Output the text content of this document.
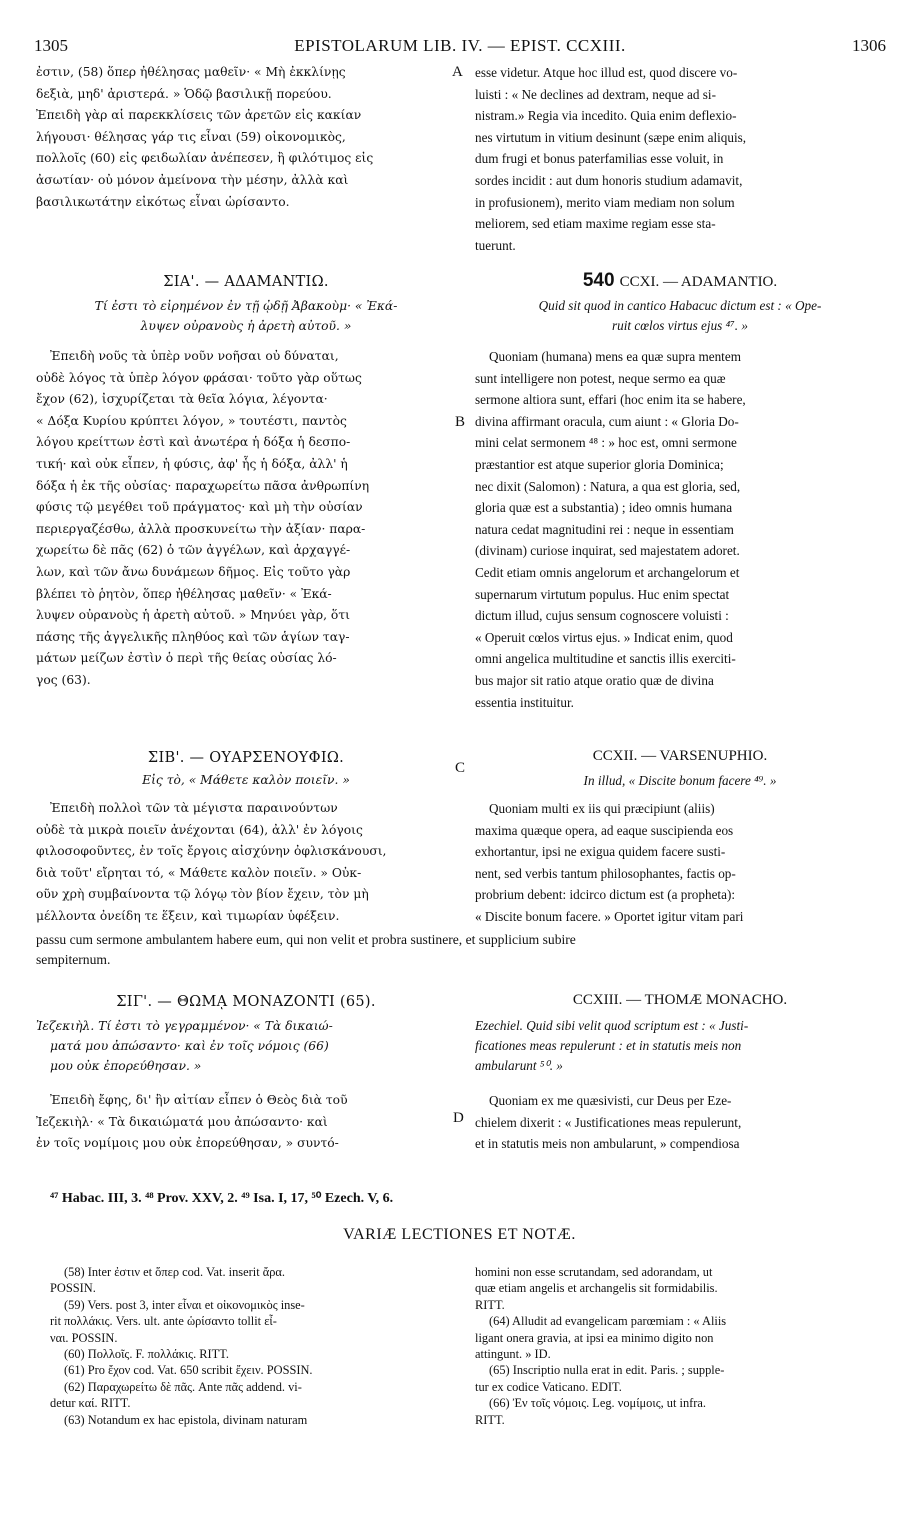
1305	EPISTOLARUM LIB. IV. — EPIST. CCXIII.	1306
A
B
C
D
ἐστιν, (58) ὅπερ ἠθέλησας μαθεῖν· « Μὴ ἐκκλίνῃς
δεξιὰ, μηδ' ἀριστερά. » Ὁδῷ βασιλικῇ πορεύου.
Ἐπειδὴ γὰρ αἱ παρεκκλίσεις τῶν ἀρετῶν εἰς κακίαν
λήγουσι· θέλησας γάρ τις εἶναι (59) οἰκονομικὸς,
πολλοῖς (60) εἰς φειδωλίαν ἀνέπεσεν, ἢ φιλότιμος εἰς
ἀσωτίαν· οὐ μόνον ἀμείνονα τὴν μέσην, ἀλλὰ καὶ
βασιλικωτάτην εἰκότως εἶναι ὡρίσαντο.
ΣΙΑ'. — ΑΔΑΜΑΝΤΙΩ.
Τί ἐστι τὸ εἰρημένον ἐν τῇ ᾠδῇ Ἀβακοὺμ· « Ἐκά-
λυψεν οὐρανοὺς ἡ ἀρετὴ αὐτοῦ. »
Ἐπειδὴ νοῦς τὰ ὑπὲρ νοῦν νοῆσαι οὐ δύναται,
οὐδὲ λόγος τὰ ὑπὲρ λόγον φράσαι· τοῦτο γὰρ οὕτως
ἔχον (62), ἰσχυρίζεται τὰ θεῖα λόγια, λέγοντα·
« Δόξα Κυρίου κρύπτει λόγον, » τουτέστι, παντὸς
λόγου κρείττων ἐστὶ καὶ ἀνωτέρα ἡ δόξα ἡ δεσπο-
τική· καὶ οὐκ εἶπεν, ἡ φύσις, ἀφ' ἧς ἡ δόξα, ἀλλ' ἡ
δόξα ἡ ἐκ τῆς οὐσίας· παραχωρείτω πᾶσα ἀνθρωπίνη
φύσις τῷ μεγέθει τοῦ πράγματος· καὶ μὴ τὴν οὐσίαν
περιεργαζέσθω, ἀλλὰ προσκυνείτω τὴν ἀξίαν· παρα-
χωρείτω δὲ πᾶς (62) ὁ τῶν ἀγγέλων, καὶ ἀρχαγγέ-
λων, καὶ τῶν ἄνω δυνάμεων δῆμος. Εἰς τοῦτο γὰρ
βλέπει τὸ ῥητὸν, ὅπερ ἠθέλησας μαθεῖν· « Ἐκά-
λυψεν οὐρανοὺς ἡ ἀρετὴ αὐτοῦ. » Μηνύει γὰρ, ὅτι
πάσης τῆς ἀγγελικῆς πληθύος καὶ τῶν ἁγίων ταγ-
μάτων μείζων ἐστὶν ὁ περὶ τῆς θείας οὐσίας λό-
γος (63).
ΣΙΒ'. — ΟΥΑΡΣΕΝΟΥΦΙΩ.
Εἰς τὸ, « Μάθετε καλὸν ποιεῖν. »
Ἐπειδὴ πολλοὶ τῶν τὰ μέγιστα παραινούντων
οὐδὲ τὰ μικρὰ ποιεῖν ἀνέχονται (64), ἀλλ' ἐν λόγοις
φιλοσοφοῦντες, ἐν τοῖς ἔργοις αἰσχύνην ὀφλισκάνουσι,
διὰ τοῦτ' εἴρηται τό, « Μάθετε καλὸν ποιεῖν. » Οὐκ-
οῦν χρὴ συμβαίνοντα τῷ λόγῳ τὸν βίον ἔχειν, τὸν μὴ
μέλλοντα ὀνείδη τε ἕξειν, καὶ τιμωρίαν ὑφέξειν.
esse videtur. Atque hoc illud est, quod discere vo-
luisti : « Ne declines ad dextram, neque ad si-
nistram.» Regia via incedito. Quia enim deflexio-
nes virtutum in vitium desinunt (sæpe enim aliquis,
dum frugi et bonus paterfamilias esse voluit, in
sordes incidit : aut dum honoris studium adamavit,
in profusionem), merito viam mediam non solum
meliorem, sed etiam maxime regiam esse sta-
tuerunt.
540 CCXI. — ADAMANTIO.
Quid sit quod in cantico Habacuc dictum est : « Ope-
ruit cœlos virtus ejus ⁴⁷. »
Quoniam (humana) mens ea quæ supra mentem
sunt intelligere non potest, neque sermo ea quæ
sermone altiora sunt, effari (hoc enim ita se habere,
divina affirmant oracula, cum aiunt : « Gloria Do-
mini celat sermonem ⁴⁸ : » hoc est, omni sermone
præstantior est atque superior gloria Dominica;
nec dixit (Salomon) : Natura, a qua est gloria, sed,
gloria quæ est a substantia) ; ideo omnis humana
natura cedat magnitudini rei : neque in essentiam
(divinam) curiose inquirat, sed majestatem adoret.
Cedit etiam omnis angelorum et archangelorum et
supernarum virtutum populus. Huc enim spectat
dictum illud, cujus sensum cognoscere voluisti :
« Operuit cœlos virtus ejus. » Indicat enim, quod
omni angelica multitudine et sanctis illis exerciti-
bus major sit ratio atque oratio quæ de divina
essentia instituitur.
CCXII. — VARSENUPHIO.
In illud, « Discite bonum facere ⁴⁹. »
Quoniam multi ex iis qui præcipiunt (aliis)
maxima quæque opera, ad eaque suscipienda eos
exhortantur, ipsi ne exigua quidem facere susti-
nent, sed verbis tantum philosophantes, factis op-
probrium debent: idcirco dictum est (a propheta):
« Discite bonum facere. » Oportet igitur vitam pari
passu cum sermone ambulantem habere eum, qui non velit et probra sustinere, et supplicium subire
sempiternum.
ΣΙΓ'. — ΘΩΜᾼ ΜΟΝΑΖΟΝΤΙ (65).
Ἰεζεκιὴλ. Τί ἐστι τὸ γεγραμμένον· « Τὰ δικαιώ-
ματά μου ἀπώσαντο· καὶ ἐν τοῖς νόμοις (66)
μου οὐκ ἐπορεύθησαν. »
Ἐπειδὴ ἔφης, δι' ἣν αἰτίαν εἶπεν ὁ Θεὸς διὰ τοῦ
Ἰεζεκιὴλ· « Τὰ δικαιώματά μου ἀπώσαντο· καὶ
ἐν τοῖς νομίμοις μου οὐκ ἐπορεύθησαν, » συντό-
CCXIII. — THOMÆ MONACHO.
Ezechiel. Quid sibi velit quod scriptum est : « Justi-
ficationes meas repulerunt : et in statutis meis non
ambularunt ⁵⁰. »
Quoniam ex me quæsivisti, cur Deus per Eze-
chielem dixerit : « Justificationes meas repulerunt,
et in statutis meis non ambularunt, » compendiosa
⁴⁷ Habac. III, 3. ⁴⁸ Prov. XXV, 2. ⁴⁹ Isa. I, 17, ⁵⁰ Ezech. V, 6.
VARIÆ LECTIONES ET NOTÆ.
(58) Inter ἐστιν et ὅπερ cod. Vat. inserit ἄρα.
POSSIN.
(59) Vers. post 3, inter εἶναι et οἰκονομικὸς inse-
rit πολλάκις. Vers. ult. ante ὡρίσαντο tollit εἶ-
ναι. POSSIN.
(60) Πολλοῖς. F. πολλάκις. RITT.
(61) Pro ἔχον cod. Vat. 650 scribit ἔχειν. POSSIN.
(62) Παραχωρείτω δὲ πᾶς. Ante πᾶς addend. vi-
detur καί. RITT.
(63) Notandum ex hac epistola, divinam naturam
homini non esse scrutandam, sed adorandam, ut
quæ etiam angelis et archangelis sit formidabilis.
RITT.
(64) Alludit ad evangelicam parœmiam : « Aliis
ligant onera gravia, at ipsi ea minimo digito non
attingunt. » ID.
(65) Inscriptio nulla erat in edit. Paris. ; supple-
tur ex codice Vaticano. EDIT.
(66) Ἐν τοῖς νόμοις. Leg. νομίμοις, ut infra.
RITT.
